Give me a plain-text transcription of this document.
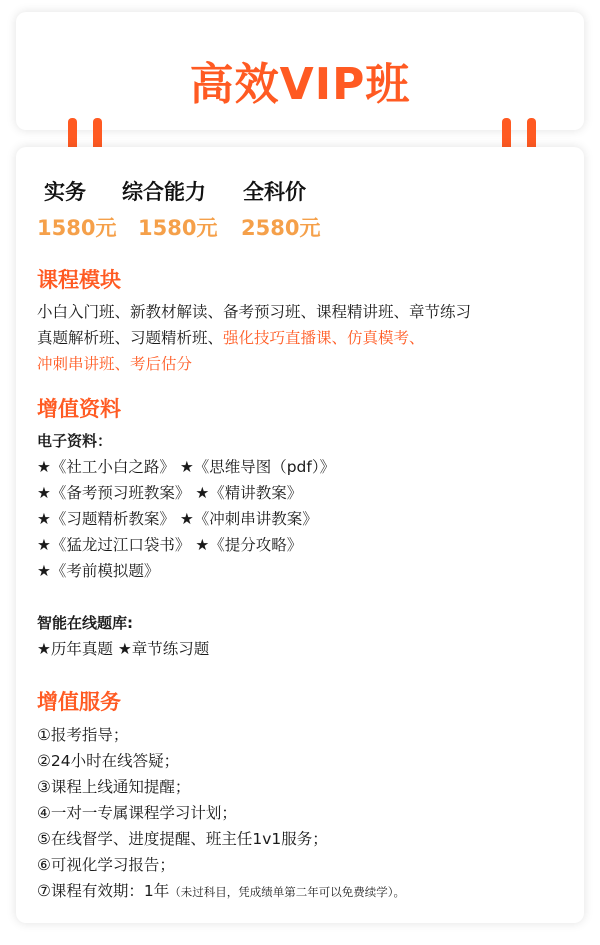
高效VIP班
实务	综合能力	全科价
1580元	1580元	2580元
课程模块
小白入门班、新教材解读、备考预习班、课程精讲班、章节练习
真题解析班、习题精析班、强化技巧直播课、仿真模考、
冲刺串讲班、考后估分
增值资料
电子资料：
★《社工小白之路》 ★《思维导图（pdf）》
★《备考预习班教案》 ★《精讲教案》
★《习题精析教案》 ★《冲刺串讲教案》
★《猛龙过江口袋书》 ★《提分攻略》
★《考前模拟题》
智能在线题库:
★历年真题 ★章节练习题
增值服务
①报考指导；
②24小时在线答疑；
③课程上线通知提醒；
④一对一专属课程学习计划；
⑤在线督学、进度提醒、班主任1v1服务；
⑥可视化学习报告；
⑦课程有效期：1年（未过科目，凭成绩单第二年可以免费续学）。
